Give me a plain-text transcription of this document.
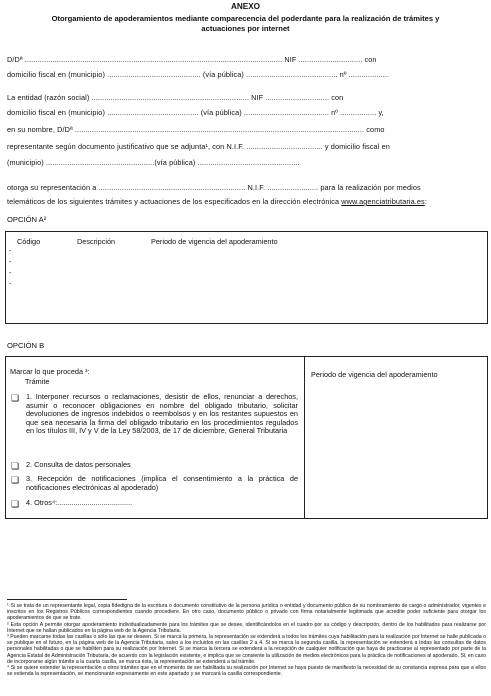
ANEXO
Otorgamiento de apoderamientos mediante comparecencia del poderdante para la realización de trámites y
actuaciones por internet
D/Dª ......................................................................................................................... NIF .............................. con
domicilio fiscal en (municipio) ............................................ (vía pública) ........................................... nº ...................
La entidad (razón social) .......................................................................... NIF .............................. con
domicilio fiscal en (municipio) ........................................... (vía pública) ........................................ nº ................. y,
en su nombre, D/Dª ........................................................................................................................................ como
representante según documento justificativo que se adjunta¹, con N.I.F. .................................... y domicilio fiscal en
(municipio) ...................................................(vía pública) ................................................
otorga su representación a ..................................................................... N.I.F. ........................ para la realización por medios
telemáticos de los siguientes trámites y actuaciones de los especificados en la dirección electrónica www.agenciatributaria.es:
OPCIÓN A²
Código	Descripción	Periodo de vigencia del apoderamiento
-
-
-
-
OPCIÓN B
Marcar lo que proceda ³:
Trámite
Periodo de vigencia del apoderamiento
❏ 1. Interponer recursos o reclamaciones, desistir de ellos, renunciar a derechos, asumir o reconocer obligaciones en nombre del obligado tributario, solicitar devoluciones de ingresos indebidos o reembolsos y en los restantes supuestos en que sea necesaria la firma del obligado tributario en los procedimientos regulados en los títulos III, IV y V de la Ley 58/2003, de 17 de diciembre, General Tributaria
❏ 2. Consulta de datos personales
❏ 3. Recepción de notificaciones (implica el consentimiento a la práctica de notificaciones electrónicas al apoderado)
❏ 4. Otros⁴:.....................................
¹ Si se trata de un representante legal, copia fidedigna de la escritura o documento constitutivo de la persona jurídica o entidad y documento público de su nombramiento de cargo o administrador, vigentes e inscritos en los Registros Públicos correspondientes cuando procediere. En otro caso, documento público o privado con firma notarialmente legitimada que acredite poder suficiente para otorgar los apoderamientos de que se trate.
² Esta opción A permite otorgar apoderamiento individualizadamente para los trámites que se desee, identificándolos en el cuadro por su código y descripción, dentro de los habilitados para realizarse por Internet que se hallan publicados en la página web de la Agencia Tributaria.
³ Pueden marcarse todas las casillas o sólo las que se deseen. Si se marca la primera, la representación se extenderá a todos los trámites cuya habilitación para la realización por Internet se halle publicada o se publique en el futuro, en la página web de la Agencia Tributaria, salvo a los incluidos en las casillas 2 a 4. Si se marca la segunda casilla, la representación se extenderá a todas las consultas de datos personales habilitadas o que se habiliten para su realización por Internet. Si se marca la tercera se extenderá a la recepción de cualquier notificación que haya de practicarse al representado por parte de la Agencia Estatal de Administración Tributaria, de acuerdo con la legislación existente, e implica que se consiente la utilización de medios electrónicos para la práctica de notificaciones al apoderado. Si, en caso de incorporarse algún trámite a la cuarta casilla, se marca ésta, la representación se extenderá a tal trámite.
⁴ Si se quiere extender la representación a otros trámites que en el momento de ser habilitada su realización por Internet se haya puesto de manifiesto la necesidad de su constancia expresa para que a ellos se extienda la representación, se mencionarán expresamente en este apartado y se marcará la casilla correspondiente.
